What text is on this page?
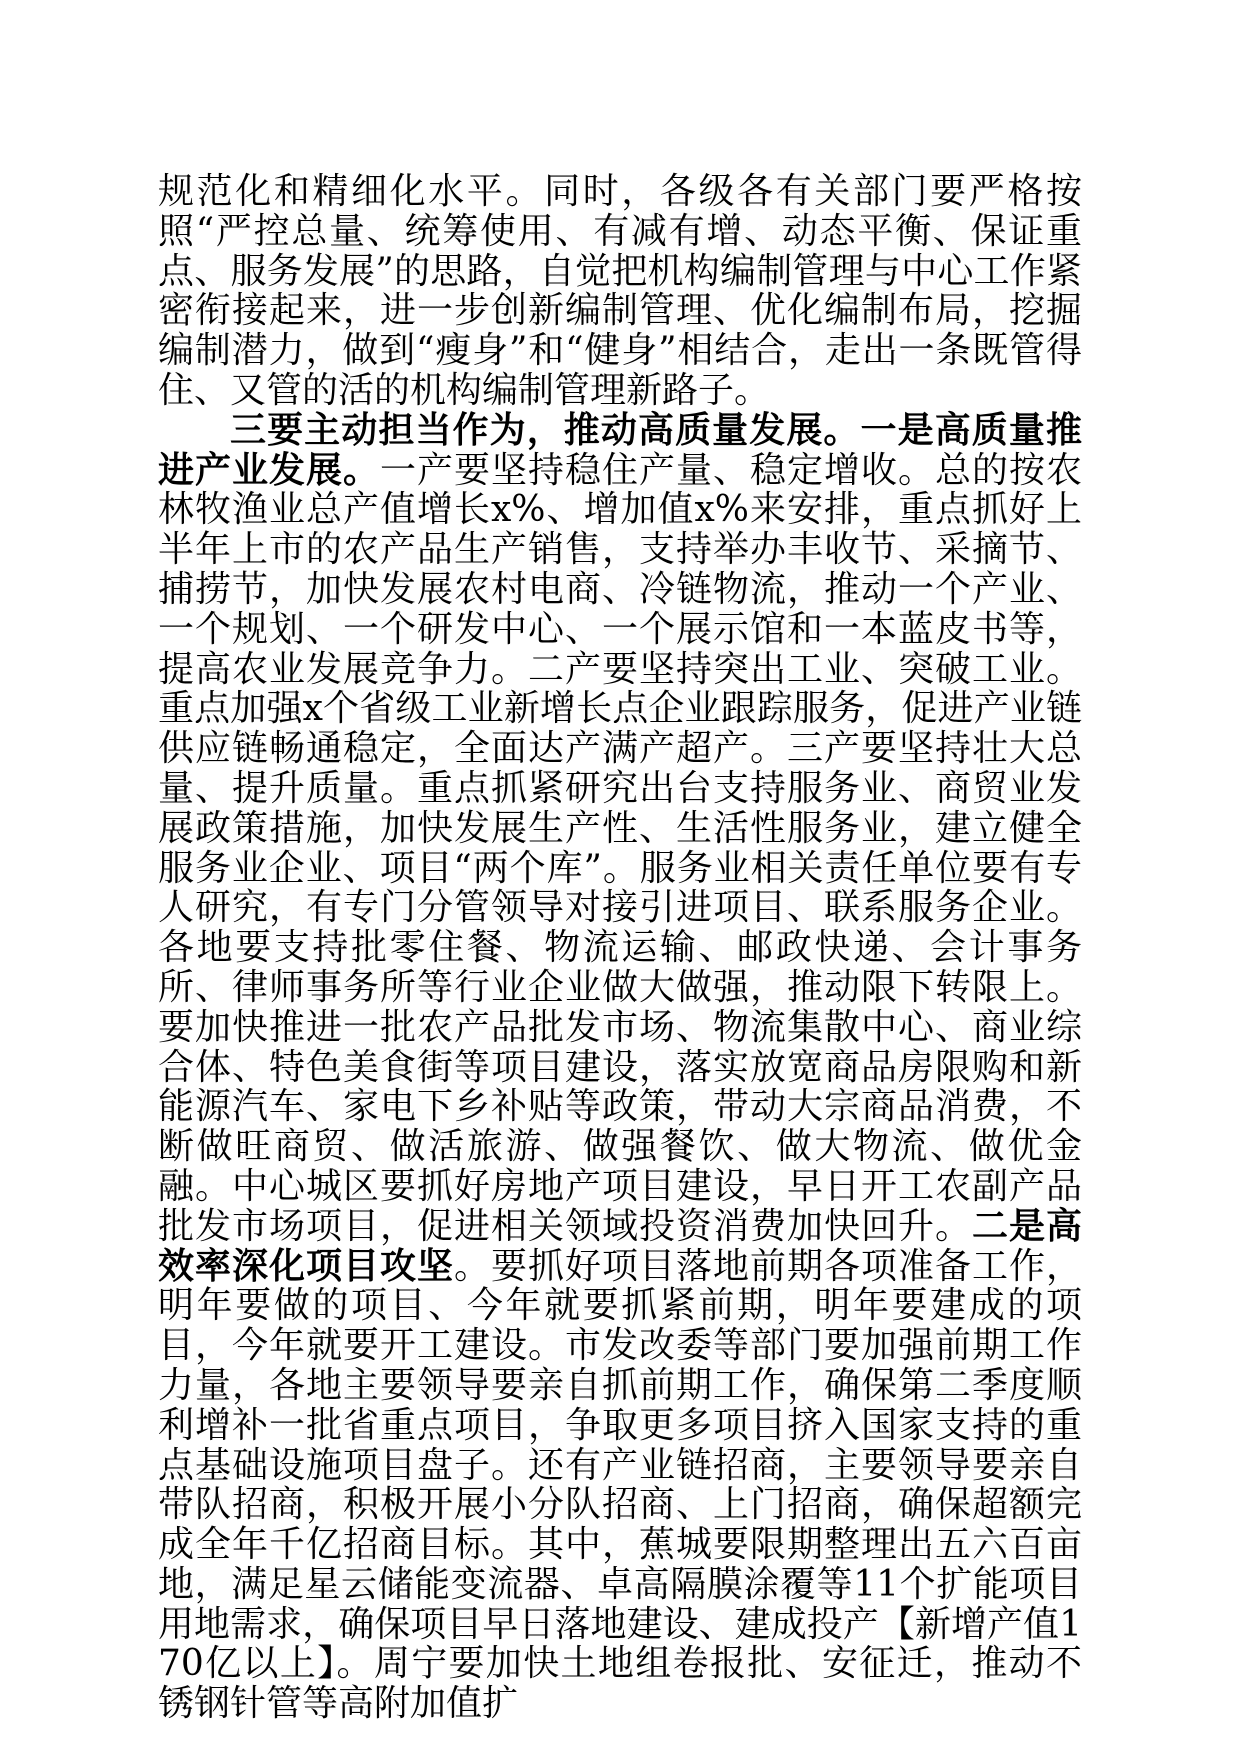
规范化和精细化水平。同时，各级各有关部门要严格按照“严控总量、统筹使用、有减有增、动态平衡、保证重点、服务发展”的思路，自觉把机构编制管理与中心工作紧密衔接起来，进一步创新编制管理、优化编制布局，挖掘编制潜力，做到“瘦身”和“健身”相结合，走出一条既管得住、又管的活的机构编制管理新路子。

三要主动担当作为，推动高质量发展。一是高质量推进产业发展。一产要坚持稳住产量、稳定增收。总的按农林牧渔业总产值增长x%、增加值x%来安排，重点抓好上半年上市的农产品生产销售，支持举办丰收节、采摘节、捕捞节，加快发展农村电商、冷链物流，推动一个产业、一个规划、一个研发中心、一个展示馆和一本蓝皮书等，提高农业发展竞争力。二产要坚持突出工业、突破工业。重点加强x个省级工业新增长点企业跟踪服务，促进产业链供应链畅通稳定，全面达产满产超产。三产要坚持壮大总量、提升质量。重点抓紧研究出台支持服务业、商贸业发展政策措施，加快发展生产性、生活性服务业，建立健全服务业企业、项目“两个库”。服务业相关责任单位要有专人研究，有专门分管领导对接引进项目、联系服务企业。各地要支持批零住餐、物流运输、邮政快递、会计事务所、律师事务所等行业企业做大做强，推动限下转限上。要加快推进一批农产品批发市场、物流集散中心、商业综合体、特色美食街等项目建设，落实放宽商品房限购和新能源汽车、家电下乡补贴等政策，带动大宗商品消费，不断做旺商贸、做活旅游、做强餐饮、做大物流、做优金融。中心城区要抓好房地产项目建设，早日开工农副产品批发市场项目，促进相关领域投资消费加快回升。二是高效率深化项目攻坚。要抓好项目落地前期各项准备工作，明年要做的项目、今年就要抓紧前期，明年要建成的项目，今年就要开工建设。市发改委等部门要加强前期工作力量，各地主要领导要亲自抓前期工作，确保第二季度顺利增补一批省重点项目，争取更多项目挤入国家支持的重点基础设施项目盘子。还有产业链招商，主要领导要亲自带队招商，积极开展小分队招商、上门招商，确保超额完成全年千亿招商目标。其中，蕉城要限期整理出五六百亩地，满足星云储能变流器、卓高隔膜涂覆等11个扩能项目用地需求，确保项目早日落地建设、建成投产【新增产值170亿以上】。周宁要加快土地组卷报批、安征迁，推动不锈钢针管等高附加值扩
